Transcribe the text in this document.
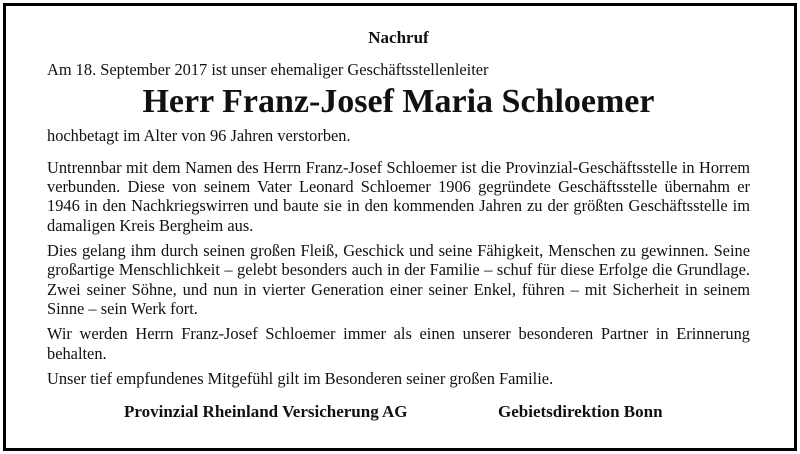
Nachruf

Am 18. September 2017 ist unser ehemaliger Geschäftsstellenleiter

Herr Franz-Josef Maria Schloemer

hochbetagt im Alter von 96 Jahren verstorben.

Untrennbar mit dem Namen des Herrn Franz-Josef Schloemer ist die Provinzial-Geschäftsstelle in Horrem verbunden. Diese von seinem Vater Leonard Schloemer 1906 gegründete Geschäftsstelle übernahm er 1946 in den Nachkriegswirren und baute sie in den kommenden Jahren zu der größten Geschäftsstelle im damaligen Kreis Bergheim aus.

Dies gelang ihm durch seinen großen Fleiß, Geschick und seine Fähigkeit, Menschen zu gewinnen. Seine großartige Menschlichkeit – gelebt besonders auch in der Familie – schuf für diese Erfolge die Grundlage. Zwei seiner Söhne, und nun in vierter Generation einer seiner Enkel, führen – mit Sicherheit in seinem Sinne – sein Werk fort.

Wir werden Herrn Franz-Josef Schloemer immer als einen unserer besonderen Partner in Erinnerung behalten.

Unser tief empfundenes Mitgefühl gilt im Besonderen seiner großen Familie.

Provinzial Rheinland Versicherung AG	Gebietsdirektion Bonn
